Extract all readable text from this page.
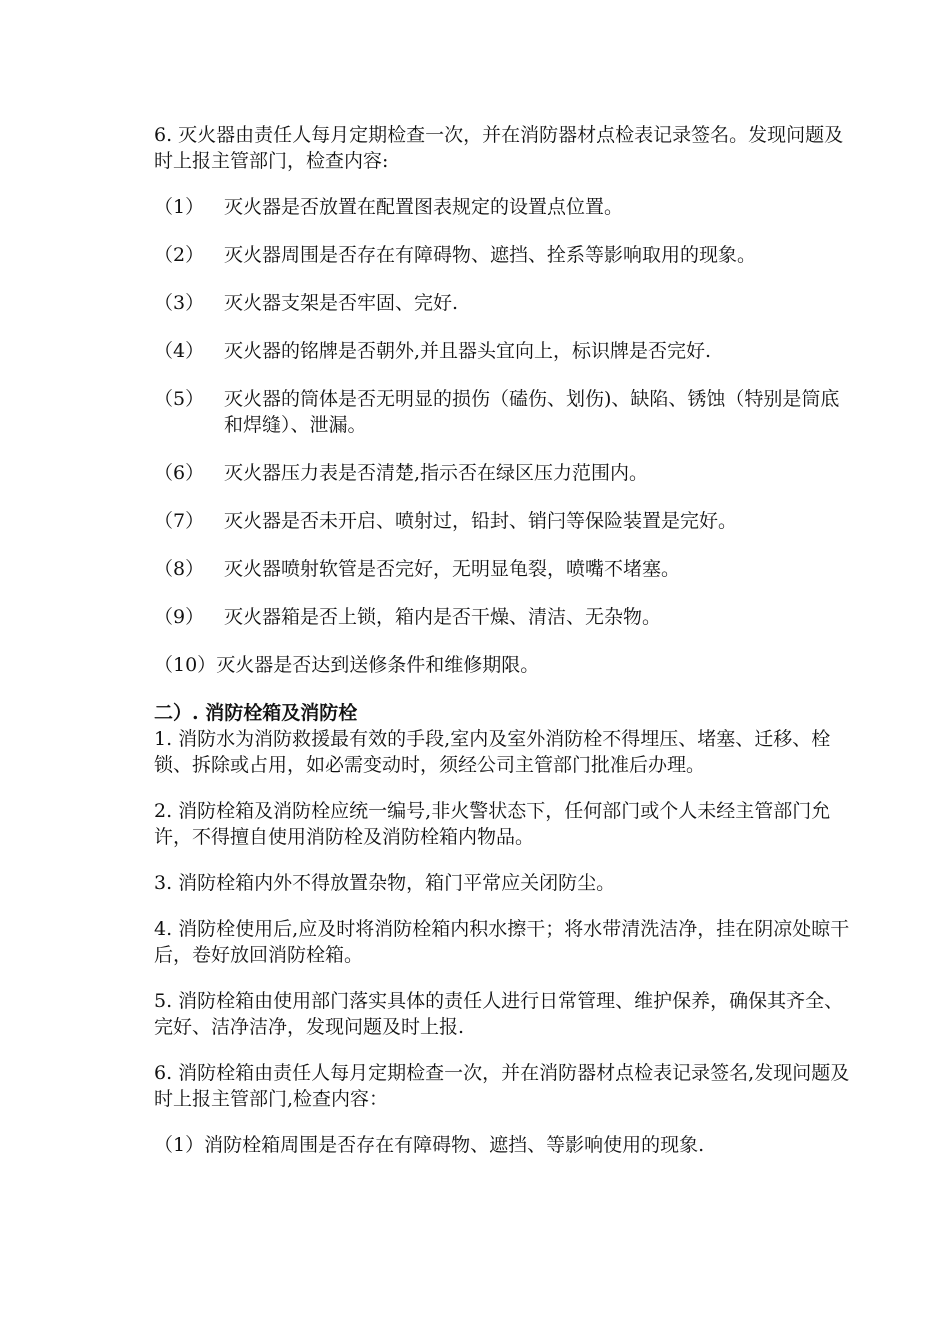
6. 灭火器由责任人每月定期检查一次，并在消防器材点检表记录签名。发现问题及时上报主管部门，检查内容:

（1）	灭火器是否放置在配置图表规定的设置点位置。
（2）	灭火器周围是否存在有障碍物、遮挡、拴系等影响取用的现象。
（3）	灭火器支架是否牢固、完好.
（4）	灭火器的铭牌是否朝外,并且器头宜向上，标识牌是否完好.
（5）	灭火器的筒体是否无明显的损伤（磕伤、划伤)、缺陷、锈蚀（特别是筒底和焊缝）、泄漏。
（6）	灭火器压力表是否清楚,指示否在绿区压力范围内。
（7）	灭火器是否未开启、喷射过，铅封、销闩等保险装置是完好。
（8）	灭火器喷射软管是否完好，无明显龟裂，喷嘴不堵塞。
（9）	灭火器箱是否上锁，箱内是否干燥、清洁、无杂物。
（10） 灭火器是否达到送修条件和维修期限。

二）. 消防栓箱及消防栓

1. 消防水为消防救援最有效的手段,室内及室外消防栓不得埋压、堵塞、迁移、栓锁、拆除或占用，如必需变动时，须经公司主管部门批准后办理。

2. 消防栓箱及消防栓应统一编号,非火警状态下，任何部门或个人未经主管部门允许，不得擅自使用消防栓及消防栓箱内物品。

3. 消防栓箱内外不得放置杂物，箱门平常应关闭防尘。

4. 消防栓使用后,应及时将消防栓箱内积水擦干；将水带清洗洁净，挂在阴凉处晾干后，卷好放回消防栓箱。

5. 消防栓箱由使用部门落实具体的责任人进行日常管理、维护保养，确保其齐全、完好、洁净洁净，发现问题及时上报.

6. 消防栓箱由责任人每月定期检查一次，并在消防器材点检表记录签名,发现问题及时上报主管部门,检查内容：

（1） 消防栓箱周围是否存在有障碍物、遮挡、等影响使用的现象.
